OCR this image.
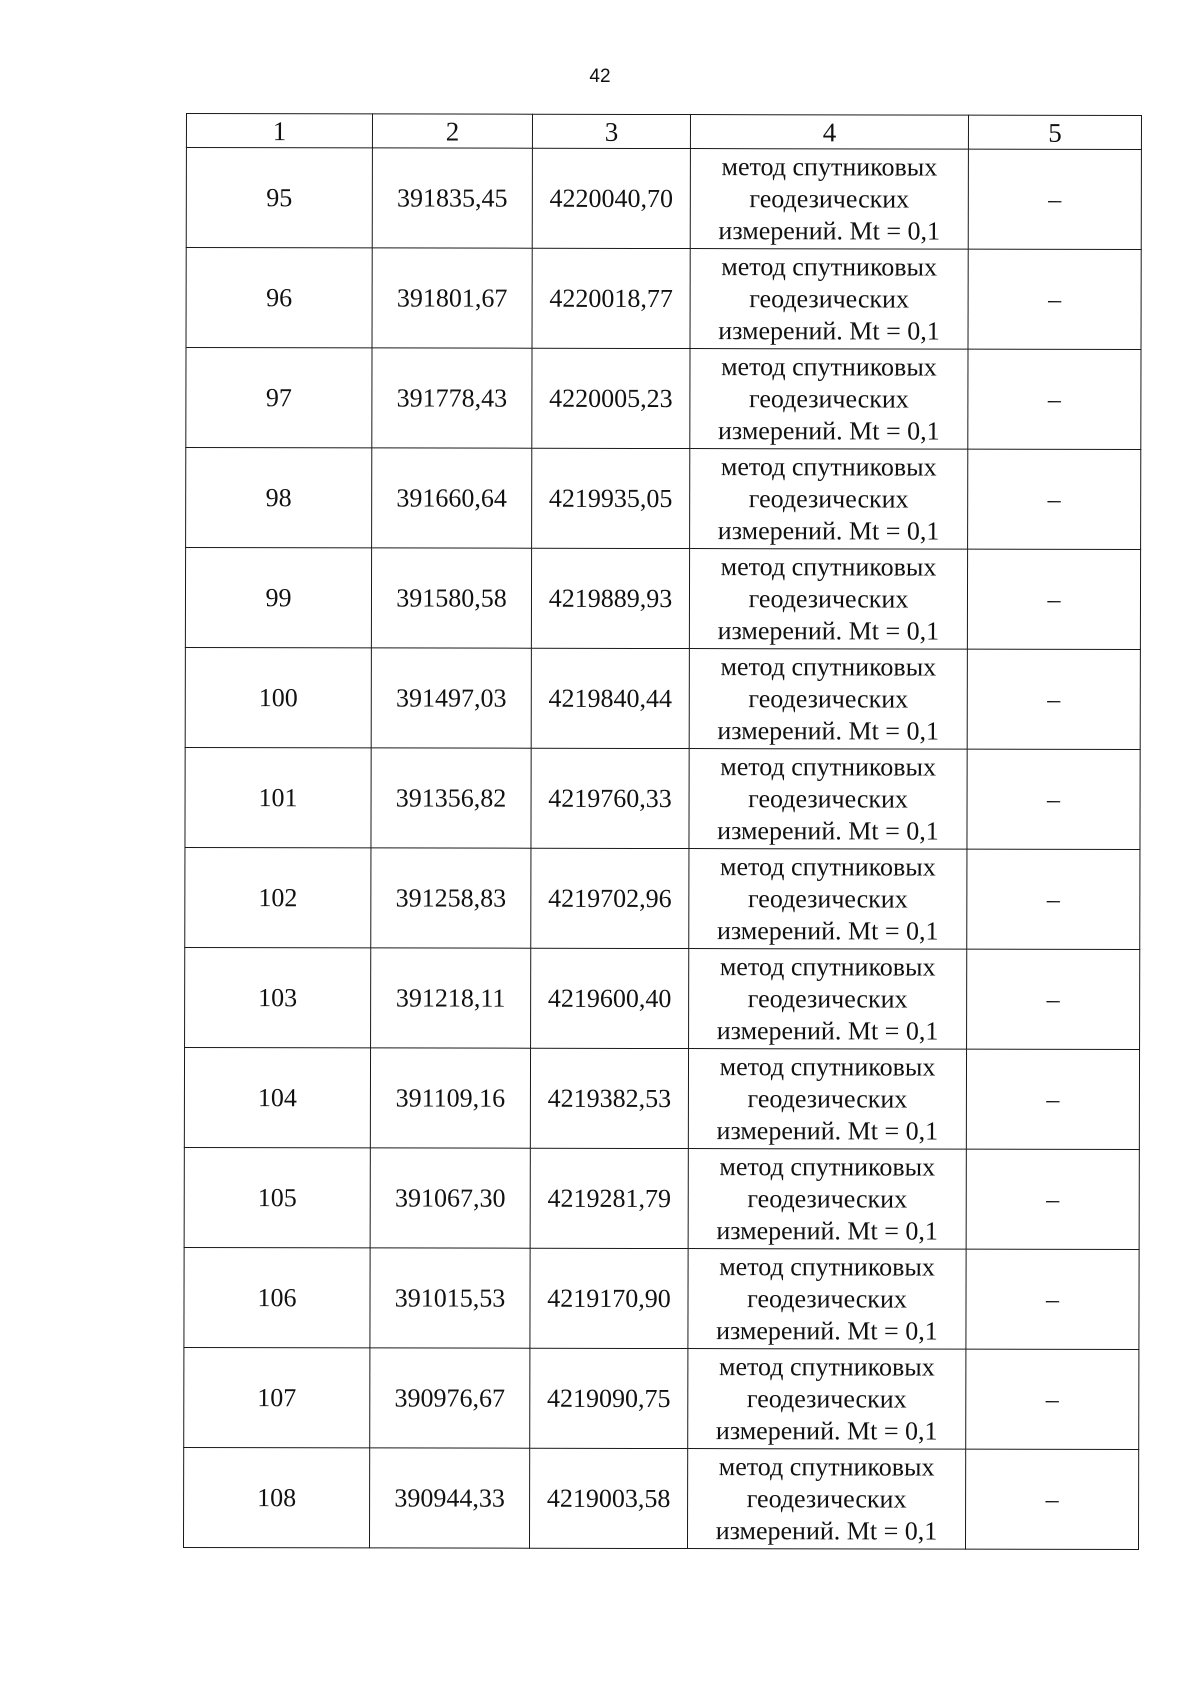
42
1	2	3	4	5
95	391835,45	4220040,70	метод спутниковых
геодезических
измерений. Mt = 0,1	–
96	391801,67	4220018,77	метод спутниковых
геодезических
измерений. Mt = 0,1	–
97	391778,43	4220005,23	метод спутниковых
геодезических
измерений. Mt = 0,1	–
98	391660,64	4219935,05	метод спутниковых
геодезических
измерений. Mt = 0,1	–
99	391580,58	4219889,93	метод спутниковых
геодезических
измерений. Mt = 0,1	–
100	391497,03	4219840,44	метод спутниковых
геодезических
измерений. Mt = 0,1	–
101	391356,82	4219760,33	метод спутниковых
геодезических
измерений. Mt = 0,1	–
102	391258,83	4219702,96	метод спутниковых
геодезических
измерений. Mt = 0,1	–
103	391218,11	4219600,40	метод спутниковых
геодезических
измерений. Mt = 0,1	–
104	391109,16	4219382,53	метод спутниковых
геодезических
измерений. Mt = 0,1	–
105	391067,30	4219281,79	метод спутниковых
геодезических
измерений. Mt = 0,1	–
106	391015,53	4219170,90	метод спутниковых
геодезических
измерений. Mt = 0,1	–
107	390976,67	4219090,75	метод спутниковых
геодезических
измерений. Mt = 0,1	–
108	390944,33	4219003,58	метод спутниковых
геодезических
измерений. Mt = 0,1	–
